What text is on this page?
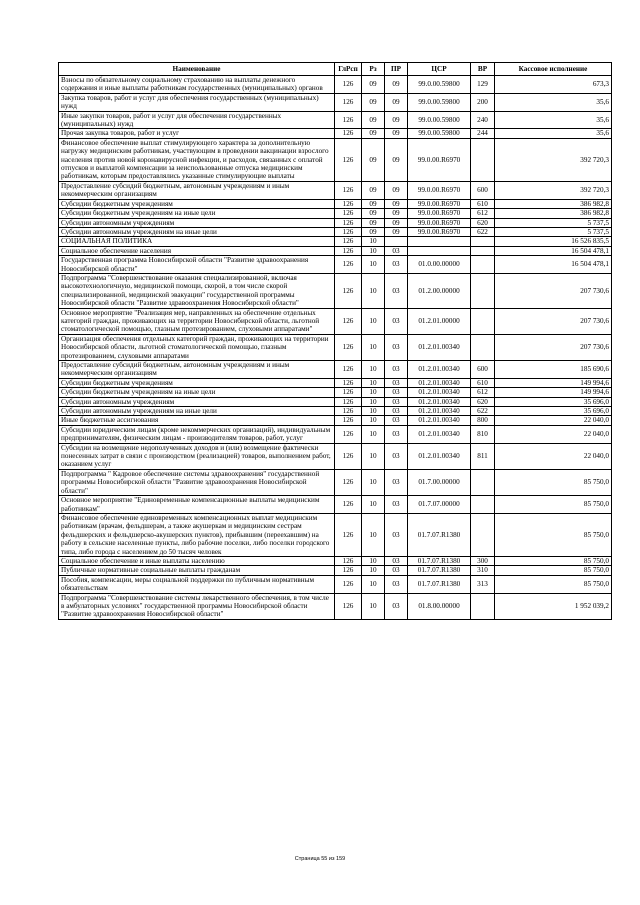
Наименование	ГлРсп	Рз	ПР	ЦСР	ВР	Кассовое исполнение
Взносы по обязательному социальному страхованию на выплаты денежного содержания и иные выплаты работникам государственных (муниципальных) органов	126	09	09	99.0.00.59800	129	673,3
Закупка товаров, работ и услуг для обеспечения государственных (муниципальных) нужд	126	09	09	99.0.00.59800	200	35,6
Иные закупки товаров, работ и услуг для обеспечения государственных (муниципальных) нужд	126	09	09	99.0.00.59800	240	35,6
Прочая закупка товаров, работ и услуг	126	09	09	99.0.00.59800	244	35,6
Финансовое обеспечение выплат стимулирующего характера за дополнительную нагрузку медицинским работникам, участвующим в проведении вакцинации взрослого населения против новой коронавирусной инфекции, и расходов, связанных с оплатой отпусков и выплатой компенсации за неиспользованные отпуска медицинским работникам, которым предоставлялись указанные стимулирующие выплаты	126	09	09	99.0.00.R6970		392 720,3
Предоставление субсидий бюджетным, автономным учреждениям и иным некоммерческим организациям	126	09	09	99.0.00.R6970	600	392 720,3
Субсидии бюджетным учреждениям	126	09	09	99.0.00.R6970	610	386 982,8
Субсидии бюджетным учреждениям на иные цели	126	09	09	99.0.00.R6970	612	386 982,8
Субсидии автономным учреждениям	126	09	09	99.0.00.R6970	620	5 737,5
Субсидии автономным учреждениям на иные цели	126	09	09	99.0.00.R6970	622	5 737,5
СОЦИАЛЬНАЯ ПОЛИТИКА	126	10				16 526 835,5
Социальное обеспечение населения	126	10	03			16 504 478,1
Государственная программа Новосибирской области "Развитие здравоохранения Новосибирской области"	126	10	03	01.0.00.00000		16 504 478,1
Подпрограмма "Совершенствование оказания специализированной, включая высокотехнологичную, медицинской помощи, скорой, в том числе скорой специализированной, медицинской эвакуации" государственной программы Новосибирской области "Развитие здравоохранения Новосибирской области"	126	10	03	01.2.00.00000		207 730,6
Основное мероприятие "Реализация мер, направленных на обеспечение отдельных категорий граждан, проживающих на территории Новосибирской области, льготной стоматологической помощью, глазным протезированием, слуховыми аппаратами"	126	10	03	01.2.01.00000		207 730,6
Организация обеспечения отдельных категорий граждан, проживающих на территории Новосибирской области, льготной стоматологической помощью, глазным протезированием, слуховыми аппаратами	126	10	03	01.2.01.00340		207 730,6
Предоставление субсидий бюджетным, автономным учреждениям и иным некоммерческим организациям	126	10	03	01.2.01.00340	600	185 690,6
Субсидии бюджетным учреждениям	126	10	03	01.2.01.00340	610	149 994,6
Субсидии бюджетным учреждениям на иные цели	126	10	03	01.2.01.00340	612	149 994,6
Субсидии автономным учреждениям	126	10	03	01.2.01.00340	620	35 696,0
Субсидии автономным учреждениям на иные цели	126	10	03	01.2.01.00340	622	35 696,0
Иные бюджетные ассигнования	126	10	03	01.2.01.00340	800	22 040,0
Субсидии юридическим лицам (кроме некоммерческих организаций), индивидуальным предпринимателям, физическим лицам - производителям товаров, работ, услуг	126	10	03	01.2.01.00340	810	22 040,0
Субсидии на возмещение недополученных доходов и (или) возмещение фактически понесенных затрат в связи с производством (реализацией) товаров, выполнением работ, оказанием услуг	126	10	03	01.2.01.00340	811	22 040,0
Подпрограмма " Кадровое обеспечение системы здравоохранения" государственной программы Новосибирской области "Развитие здравоохранения Новосибирской области"	126	10	03	01.7.00.00000		85 750,0
Основное мероприятие "Единовременные компенсационные выплаты медицинским работникам"	126	10	03	01.7.07.00000		85 750,0
Финансовое обеспечение единовременных компенсационных выплат медицинским работникам (врачам, фельдшерам, а также акушеркам и медицинским сестрам фельдшерских и фельдшерско-акушерских пунктов), прибывшим (переехавшим) на работу в сельские населенные пункты, либо рабочие поселки, либо поселки городского типа, либо города с населением до 50 тысяч человек	126	10	03	01.7.07.R1380		85 750,0
Социальное обеспечение и иные выплаты населению	126	10	03	01.7.07.R1380	300	85 750,0
Публичные нормативные социальные выплаты гражданам	126	10	03	01.7.07.R1380	310	85 750,0
Пособия, компенсации, меры социальной поддержки по публичным нормативным обязательствам	126	10	03	01.7.07.R1380	313	85 750,0
Подпрограмма "Совершенствование системы лекарственного обеспечения, в том числе в амбулаторных условиях" государственной программы Новосибирской области "Развитие здравоохранения Новосибирской области"	126	10	03	01.8.00.00000		1 952 039,2
Страница 55 из 159
